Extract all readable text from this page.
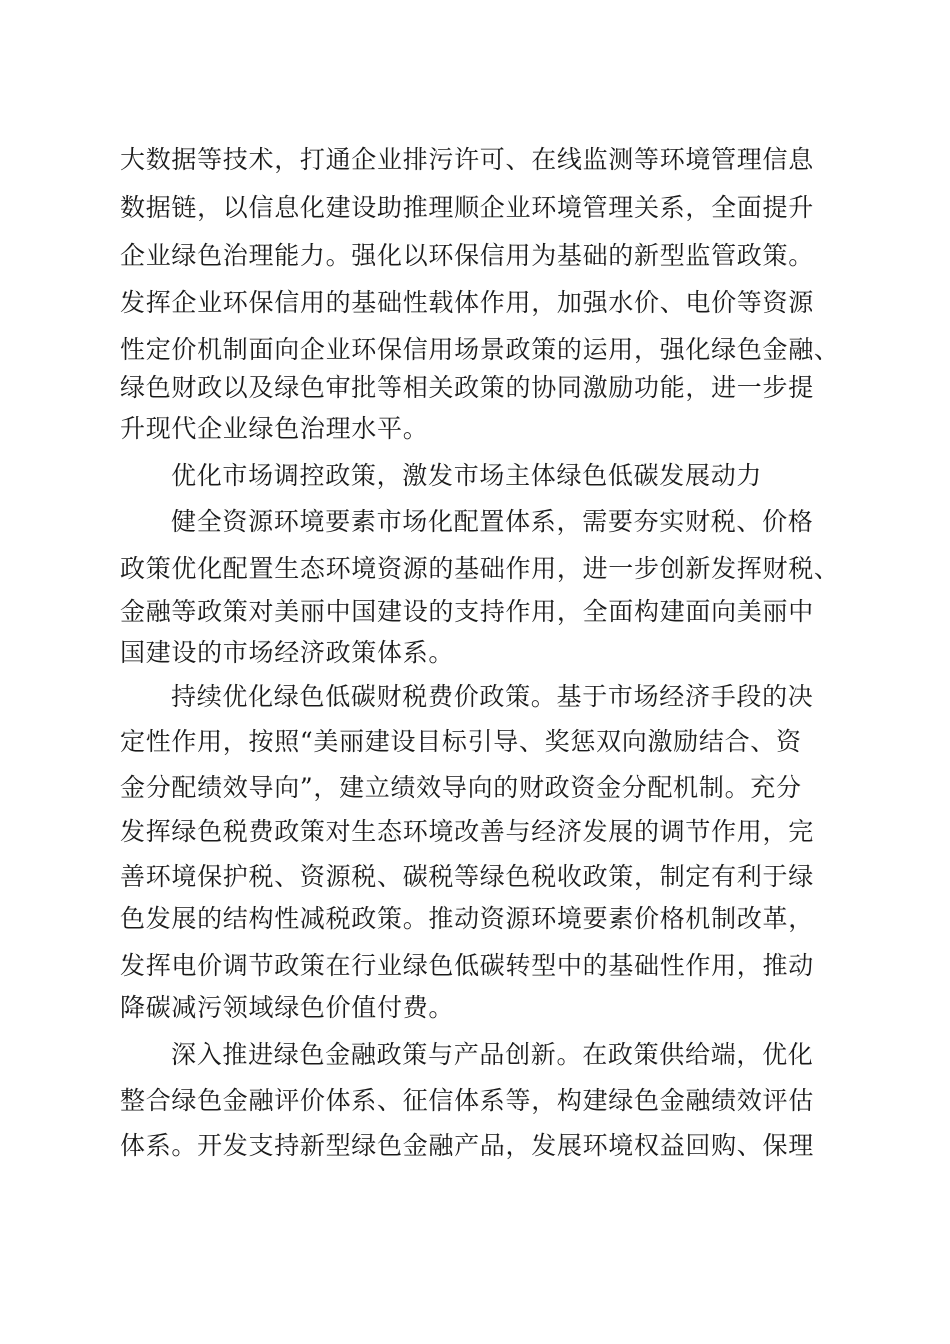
大数据等技术，打通企业排污许可、在线监测等环境管理信息
数据链，以信息化建设助推理顺企业环境管理关系，全面提升
企业绿色治理能力。强化以环保信用为基础的新型监管政策。
发挥企业环保信用的基础性载体作用，加强水价、电价等资源
性定价机制面向企业环保信用场景政策的运用，强化绿色金融、
绿色财政以及绿色审批等相关政策的协同激励功能，进一步提
升现代企业绿色治理水平。
优化市场调控政策，激发市场主体绿色低碳发展动力
健全资源环境要素市场化配置体系，需要夯实财税、价格
政策优化配置生态环境资源的基础作用，进一步创新发挥财税、
金融等政策对美丽中国建设的支持作用，全面构建面向美丽中
国建设的市场经济政策体系。
持续优化绿色低碳财税费价政策。基于市场经济手段的决
定性作用，按照“美丽建设目标引导、奖惩双向激励结合、资
金分配绩效导向”，建立绩效导向的财政资金分配机制。充分
发挥绿色税费政策对生态环境改善与经济发展的调节作用，完
善环境保护税、资源税、碳税等绿色税收政策，制定有利于绿
色发展的结构性减税政策。推动资源环境要素价格机制改革，
发挥电价调节政策在行业绿色低碳转型中的基础性作用，推动
降碳减污领域绿色价值付费。
深入推进绿色金融政策与产品创新。在政策供给端，优化
整合绿色金融评价体系、征信体系等，构建绿色金融绩效评估
体系。开发支持新型绿色金融产品，发展环境权益回购、保理
